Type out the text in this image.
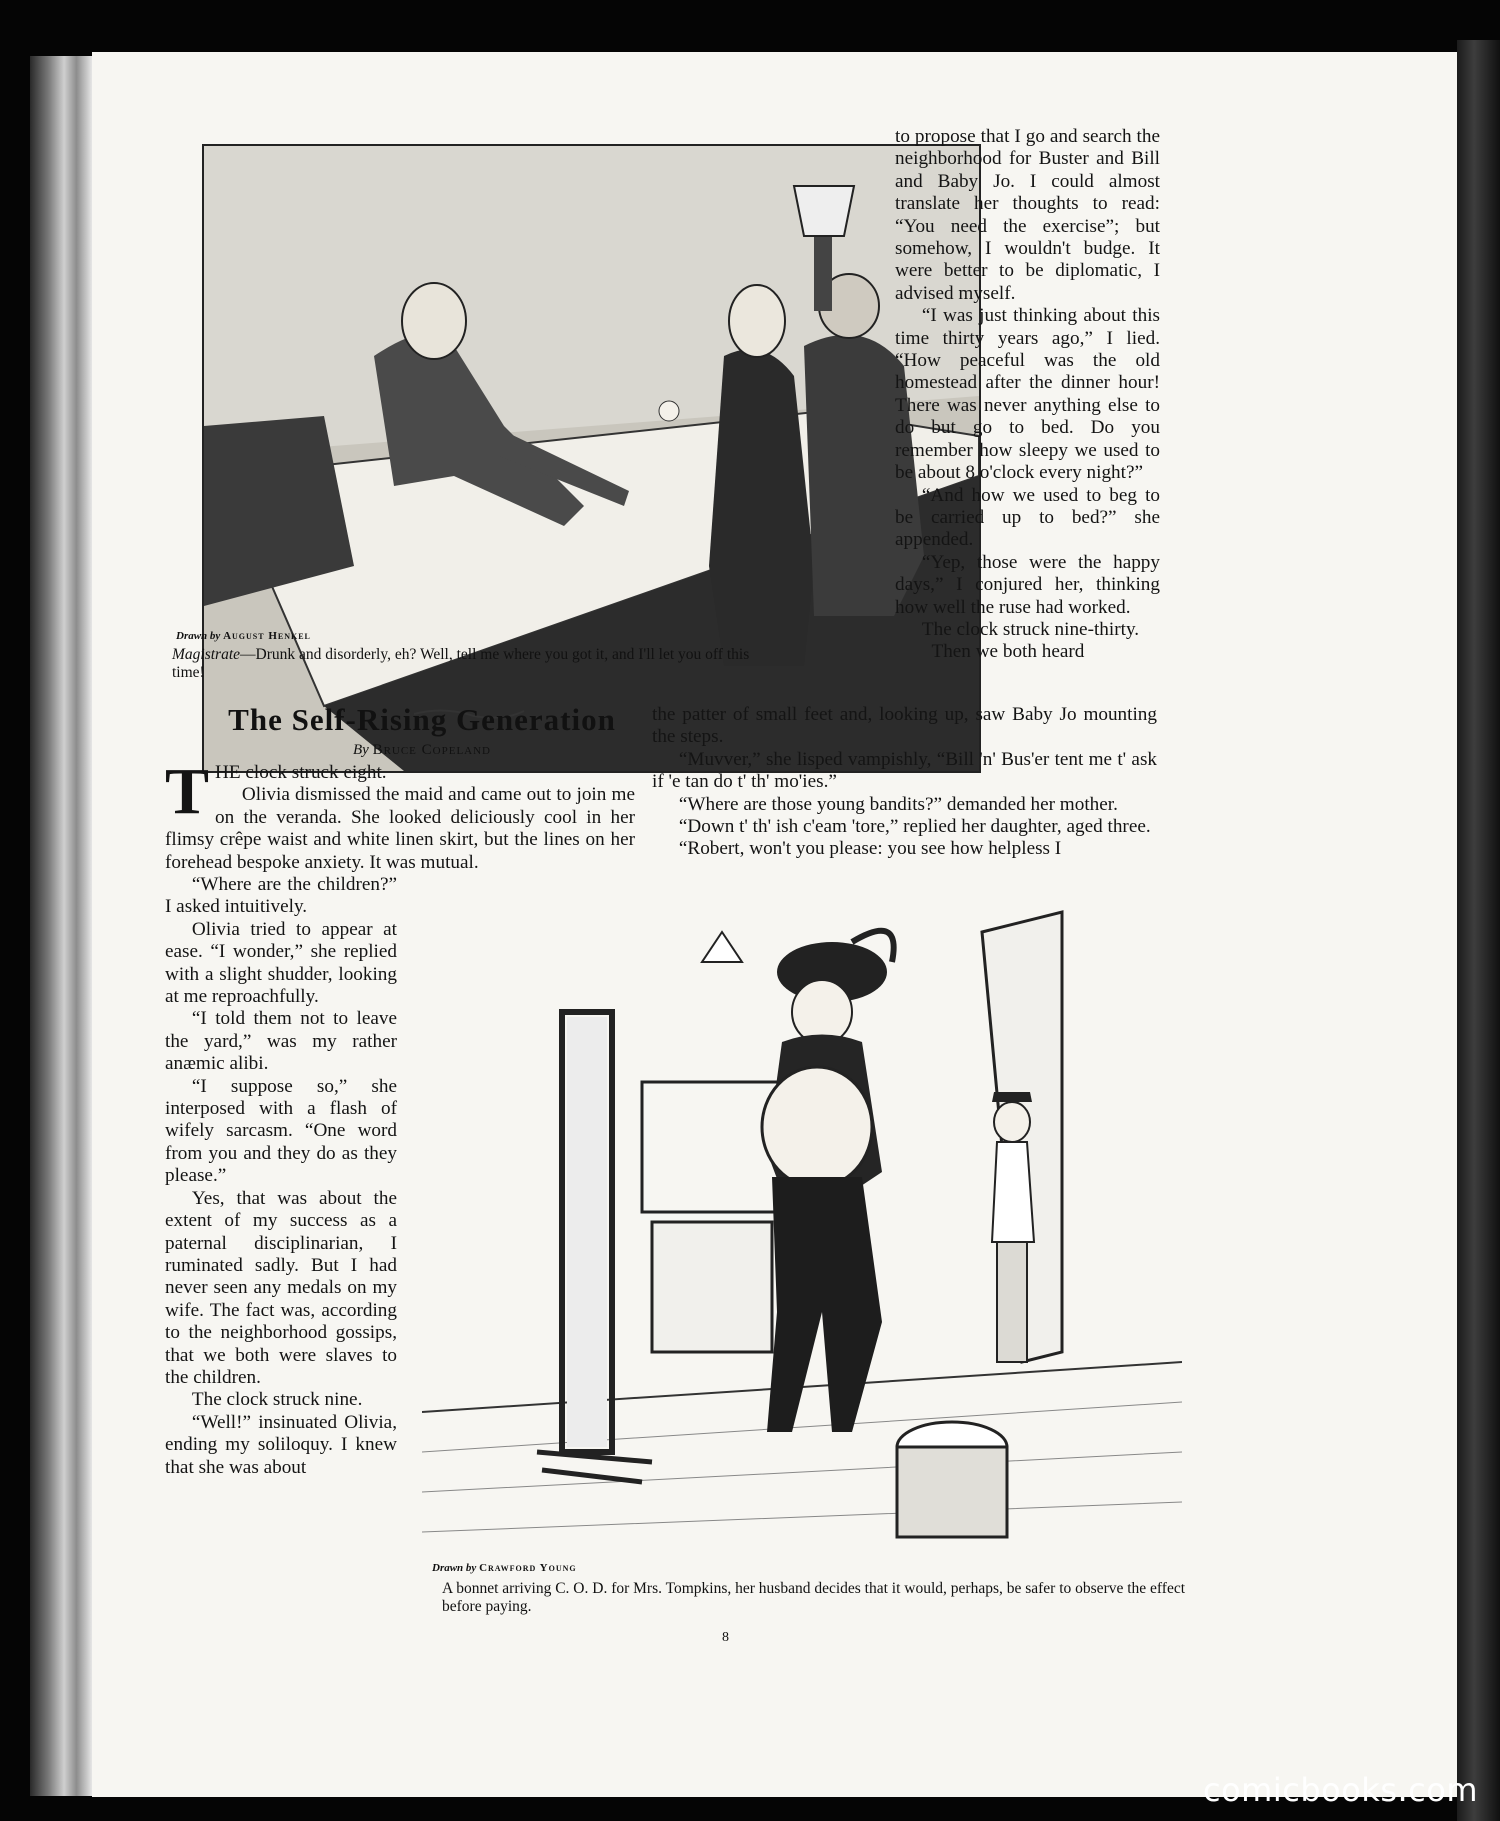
Drawn by August Henkel
Magistrate—Drunk and disorderly, eh? Well, tell me where you got it, and I'll let you off this time!

to propose that I go and search the neighborhood for Buster and Bill and Baby Jo. I could almost translate her thoughts to read: “You need the exercise”; but somehow, I wouldn't budge. It were better to be diplomatic, I advised myself.

“I was just thinking about this time thirty years ago,” I lied. “How peaceful was the old homestead after the dinner hour! There was never anything else to do but go to bed. Do you remember how sleepy we used to be about 8 o'clock every night?”

“And how we used to beg to be carried up to bed?” she appended.

“Yep, those were the happy days,” I conjured her, thinking how well the ruse had worked.

The clock struck nine-thirty.

Then we both heard

The Self-Rising Generation
By Bruce Copeland
T HE clock struck eight.

Olivia dismissed the maid and came out to join me on the veranda. She looked deliciously cool in her flimsy crêpe waist and white linen skirt, but the lines on her forehead bespoke anxiety. It was mutual.

the patter of small feet and, looking up, saw Baby Jo mounting the steps.

“Muvver,” she lisped vampishly, “Bill 'n' Bus'er tent me t' ask if 'e tan do t' th' mo'ies.”

“Where are those young bandits?” demanded her mother.

“Down t' th' ish c'eam 'tore,” replied her daughter, aged three.

“Robert, won't you please: you see how helpless I

“Where are the children?” I asked intuitively.

Olivia tried to appear at ease. “I wonder,” she replied with a slight shudder, looking at me reproachfully.

“I told them not to leave the yard,” was my rather anæmic alibi.

“I suppose so,” she interposed with a flash of wifely sarcasm. “One word from you and they do as they please.”

Yes, that was about the extent of my success as a paternal disciplinarian, I ruminated sadly. But I had never seen any medals on my wife. The fact was, according to the neighborhood gossips, that we both were slaves to the children.

The clock struck nine.

“Well!” insinuated Olivia, ending my soliloquy. I knew that she was about

Drawn by Crawford Young
A bonnet arriving C. O. D. for Mrs. Tompkins, her husband decides that it would, perhaps, be safer to observe the effect before paying.
8
comicbooks.com
